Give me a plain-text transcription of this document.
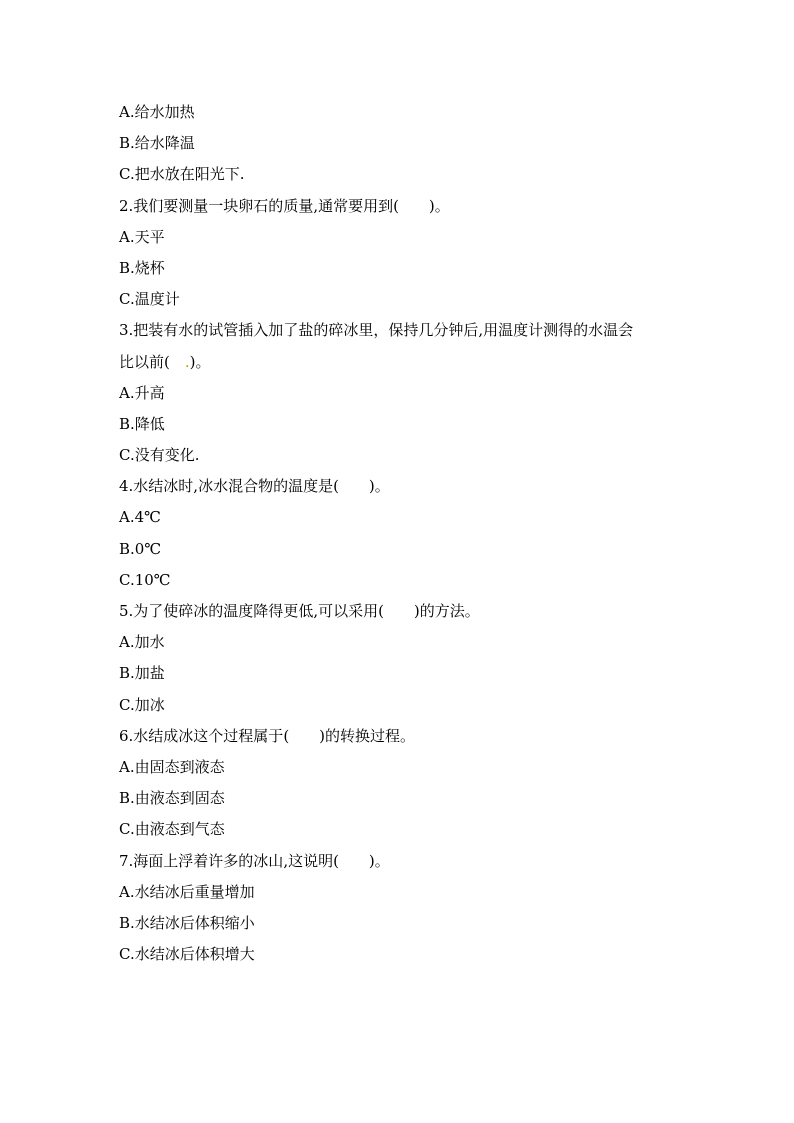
A.给水加热
B.给水降温
C.把水放在阳光下.
2.我们要测量一块卵石的质量,通常要用到(　　)。
A.天平
B.烧杯
C.温度计
3.把装有水的试管插入加了盐的碎冰里，保持几分钟后,用温度计测得的水温会
比以前(　.)。
A.升高
B.降低
C.没有变化.
4.水结冰时,冰水混合物的温度是(　　)。
A.4℃
B.0℃
C.10℃
5.为了使碎冰的温度降得更低,可以采用(　　)的方法。
A.加水
B.加盐
C.加冰
6.水结成冰这个过程属于(　　)的转换过程。
A.由固态到液态
B.由液态到固态
C.由液态到气态
7.海面上浮着许多的冰山,这说明(　　)。
A.水结冰后重量增加
B.水结冰后体积缩小
C.水结冰后体积增大
